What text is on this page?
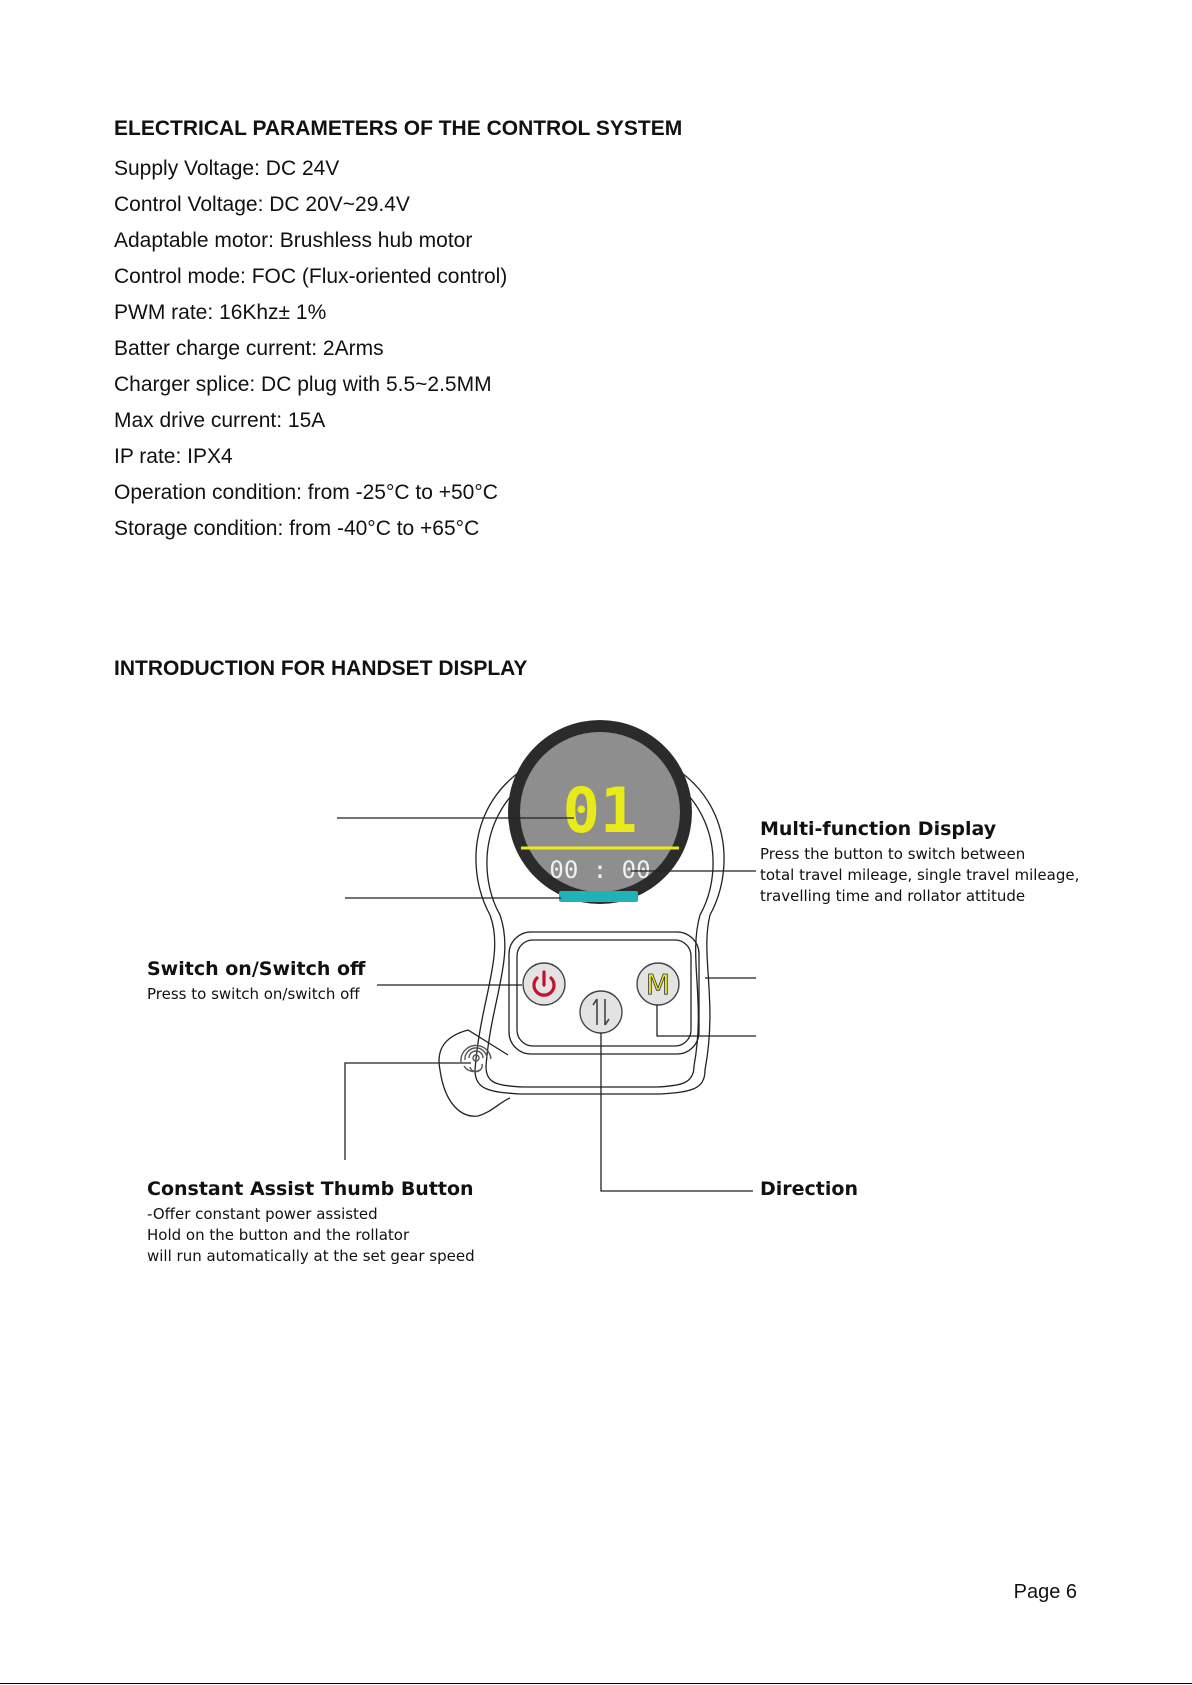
ELECTRICAL PARAMETERS OF THE CONTROL SYSTEM
Supply Voltage: DC 24V
Control Voltage: DC 20V~29.4V
Adaptable motor: Brushless hub motor
Control mode: FOC (Flux-oriented control)
PWM rate: 16Khz± 1%
Batter charge current: 2Arms
Charger splice: DC plug with 5.5~2.5MM
Max drive current: 15A
IP rate: IPX4
Operation condition: from -25°C to +50°C
Storage condition: from -40°C to +65°C
INTRODUCTION FOR HANDSET DISPLAY
01
00 : 00
M
Multi-function Display
Press the button to switch between
total travel mileage, single travel mileage,
travelling time and rollator attitude
Switch on/Switch off
Press to switch on/switch off
Constant Assist Thumb Button
-Offer constant power assisted
Hold on the button and the rollator
will run automatically at the set gear speed
Direction
Page 6
